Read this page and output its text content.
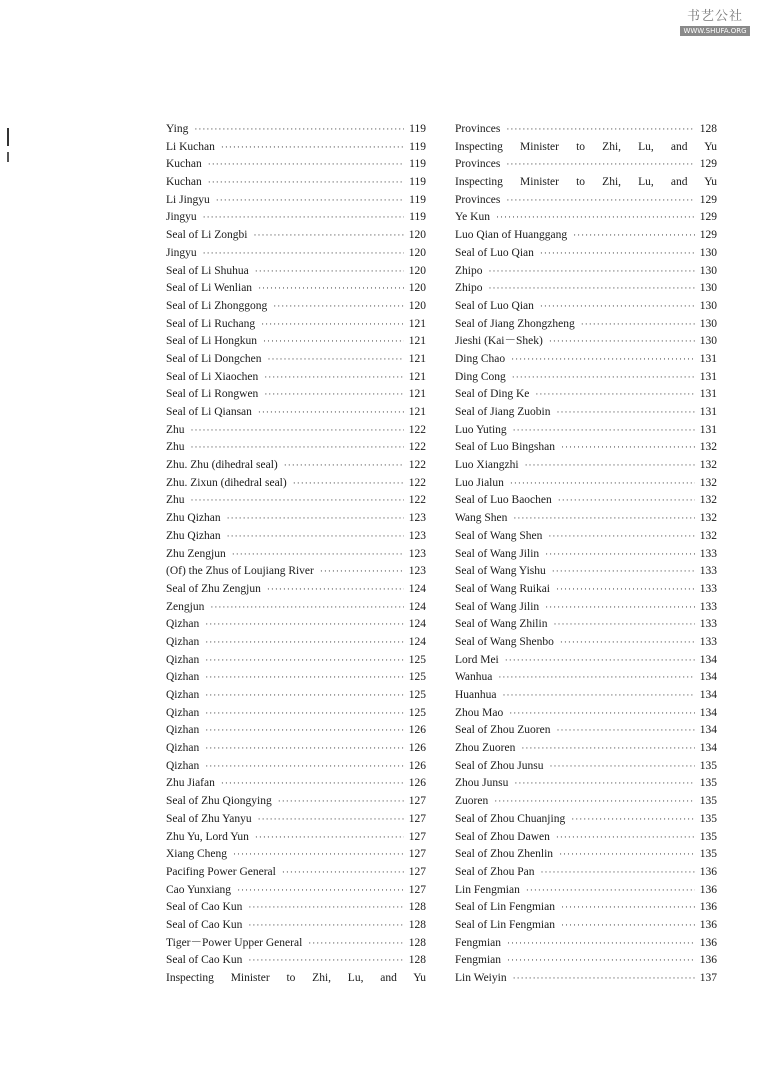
书艺公社
WWW.SHUFA.ORG
Ying ·····	119
Li Kuchan ·····	119
Kuchan ·····	119
Kuchan ·····	119
Li Jingyu ·····	119
Jingyu ·····	119
Seal of Li Zongbi ·····	120
Jingyu ·····	120
Seal of Li Shuhua ·····	120
Seal of Li Wenlian ·····	120
Seal of Li Zhonggong ·····	120
Seal of Li Ruchang ·····	121
Seal of Li Hongkun ·····	121
Seal of Li Dongchen ·····	121
Seal of Li Xiaochen ·····	121
Seal of Li Rongwen ·····	121
Seal of Li Qiansan ·····	121
Zhu ·····	122
Zhu ·····	122
Zhu. Zhu (dihedral seal) ·····	122
Zhu. Zixun (dihedral seal) ·····	122
Zhu ·····	122
Zhu Qizhan ·····	123
Zhu Qizhan ·····	123
Zhu Zengjun ·····	123
(Of) the Zhus of Loujiang River ·····	123
Seal of Zhu Zengjun ·····	124
Zengjun ·····	124
Qizhan ·····	124
Qizhan ·····	124
Qizhan ·····	125
Qizhan ·····	125
Qizhan ·····	125
Qizhan ·····	125
Qizhan ·····	126
Qizhan ·····	126
Qizhan ·····	126
Zhu Jiafan ·····	126
Seal of Zhu Qiongying ·····	127
Seal of Zhu Yanyu ·····	127
Zhu Yu, Lord Yun ·····	127
Xiang Cheng ·····	127
Pacifing Power General ·····	127
Cao Yunxiang ·····	127
Seal of Cao Kun ·····	128
Seal of Cao Kun ·····	128
Tiger－Power Upper General ·····	128
Seal of Cao Kun ·····	128
Inspecting Minister to Zhi, Lu, and Yu
Provinces ·····	128
Inspecting Minister to Zhi, Lu, and Yu
Provinces ·····	129
Inspecting Minister to Zhi, Lu, and Yu
Provinces ·····	129
Ye Kun ·····	129
Luo Qian of Huanggang ·····	129
Seal of Luo Qian ·····	130
Zhipo ·····	130
Zhipo ·····	130
Seal of Luo Qian ·····	130
Seal of Jiang Zhongzheng ·····	130
Jieshi (Kai－Shek) ·····	130
Ding Chao ·····	131
Ding Cong ·····	131
Seal of Ding Ke ·····	131
Seal of Jiang Zuobin ·····	131
Luo Yuting ·····	131
Seal of Luo Bingshan ·····	132
Luo Xiangzhi ·····	132
Luo Jialun ·····	132
Seal of Luo Baochen ·····	132
Wang Shen ·····	132
Seal of Wang Shen ·····	132
Seal of Wang Jilin ·····	133
Seal of Wang Yishu ·····	133
Seal of Wang Ruikai ·····	133
Seal of Wang Jilin ·····	133
Seal of Wang Zhilin ·····	133
Seal of Wang Shenbo ·····	133
Lord Mei ·····	134
Wanhua ·····	134
Huanhua ·····	134
Zhou Mao ·····	134
Seal of Zhou Zuoren ·····	134
Zhou Zuoren ·····	134
Seal of Zhou Junsu ·····	135
Zhou Junsu ·····	135
Zuoren ·····	135
Seal of Zhou Chuanjing ·····	135
Seal of Zhou Dawen ·····	135
Seal of Zhou Zhenlin ·····	135
Seal of Zhou Pan ·····	136
Lin Fengmian ·····	136
Seal of Lin Fengmian ·····	136
Seal of Lin Fengmian ·····	136
Fengmian ·····	136
Fengmian ·····	136
Lin Weiyin ·····	137
